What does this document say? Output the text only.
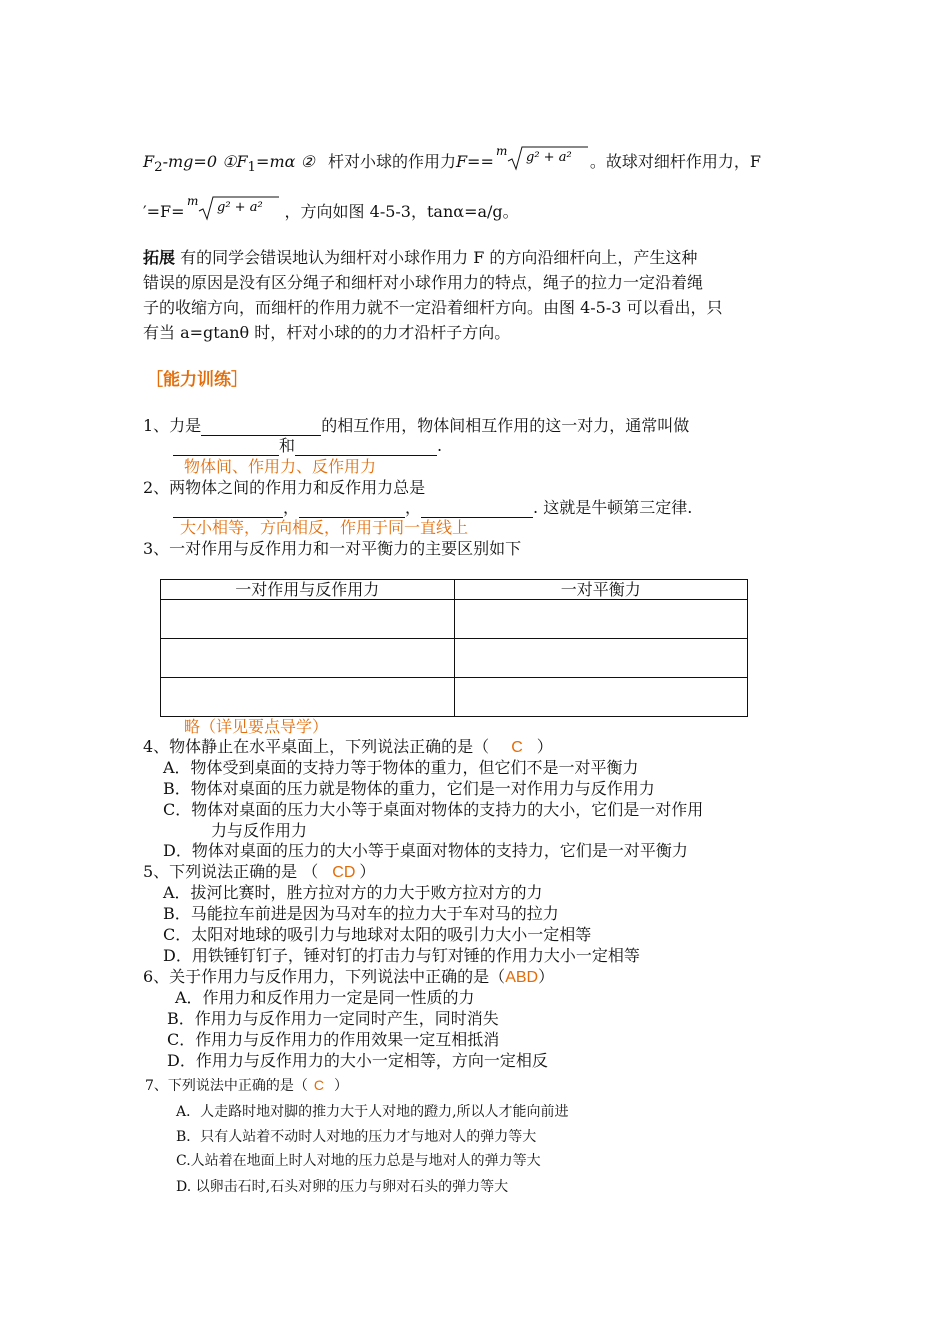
$F_2-mg=0$ $①F_1=m\alpha$ ② 杆对小球的作用力F==
m g² + a² 。故球对细杆作用力，F
′=F=
m g² + a² ，方向如图 4-5-3，tanα=a/g。
拓展 有的同学会错误地认为细杆对小球作用力 F 的方向沿细杆向上，产生这种
错误的原因是没有区分绳子和细杆对小球作用力的特点，绳子的拉力一定沿着绳
子的收缩方向，而细杆的作用力就不一定沿着细杆方向。由图 4-5-3 可以看出，只
有当 a=gtanθ 时，杆对小球的的力才沿杆子方向。
［能力训练］
1、力是	的相互作用，物体间相互作用的这一对力，通常叫做
和	.
物体间、作用力、反作用力
2、两物体之间的作用力和反作用力总是
，	，	. 这就是牛顿第三定律.
大小相等，方向相反，作用于同一直线上
3、一对作用与反作用力和一对平衡力的主要区别如下
一对作用与反作用力	一对平衡力

略（详见要点导学）
4、物体静止在水平桌面上，下列说法正确的是（ C ）
A．物体受到桌面的支持力等于物体的重力，但它们不是一对平衡力
B．物体对桌面的压力就是物体的重力，它们是一对作用力与反作用力
C．物体对桌面的压力大小等于桌面对物体的支持力的大小，它们是一对作用
力与反作用力
D．物体对桌面的压力的大小等于桌面对物体的支持力，它们是一对平衡力
5、下列说法正确的是 （ CD ）
A．拔河比赛时，胜方拉对方的力大于败方拉对方的力
B．马能拉车前进是因为马对车的拉力大于车对马的拉力
C．太阳对地球的吸引力与地球对太阳的吸引力大小一定相等
D．用铁锤钉钉子，锤对钉的打击力与钉对锤的作用力大小一定相等
6、关于作用力与反作用力，下列说法中正确的是（ABD）
A．作用力和反作用力一定是同一性质的力
B．作用力与反作用力一定同时产生，同时消失
C．作用力与反作用力的作用效果一定互相抵消
D．作用力与反作用力的大小一定相等，方向一定相反
7、下列说法中正确的是（ C ）
A．人走路时地对脚的推力大于人对地的蹬力,所以人才能向前进
B．只有人站着不动时人对地的压力才与地对人的弹力等大
C.人站着在地面上时人对地的压力总是与地对人的弹力等大
D. 以卵击石时,石头对卵的压力与卵对石头的弹力等大
